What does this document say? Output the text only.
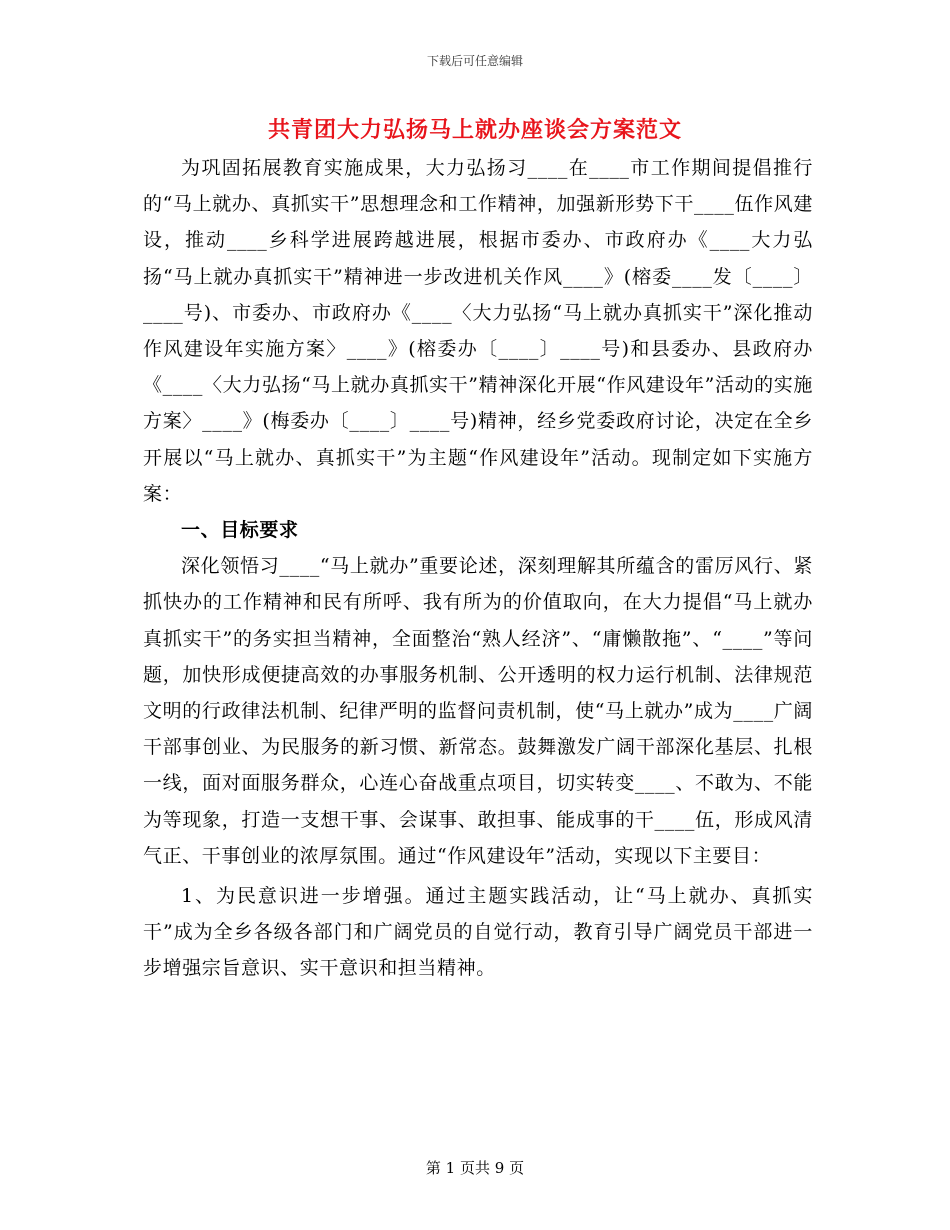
下载后可任意编辑
共青团大力弘扬马上就办座谈会方案范文

为巩固拓展教育实施成果，大力弘扬习____在____市工作期间提倡推行的“马上就办、真抓实干”思想理念和工作精神，加强新形势下干____伍作风建设，推动____乡科学进展跨越进展，根据市委办、市政府办《____大力弘扬“马上就办真抓实干”精神进一步改进机关作风____》(榕委____发〔____〕____号)、市委办、市政府办《____〈大力弘扬“马上就办真抓实干”深化推动作风建设年实施方案〉____》(榕委办〔____〕____号)和县委办、县政府办《____〈大力弘扬“马上就办真抓实干”精神深化开展“作风建设年”活动的实施方案〉____》(梅委办〔____〕____号)精神，经乡党委政府讨论，决定在全乡开展以“马上就办、真抓实干”为主题“作风建设年”活动。现制定如下实施方案：

一、目标要求

深化领悟习____“马上就办”重要论述，深刻理解其所蕴含的雷厉风行、紧抓快办的工作精神和民有所呼、我有所为的价值取向，在大力提倡“马上就办真抓实干”的务实担当精神，全面整治“熟人经济”、“庸懒散拖”、“____”等问题，加快形成便捷高效的办事服务机制、公开透明的权力运行机制、法律规范文明的行政律法机制、纪律严明的监督问责机制，使“马上就办”成为____广阔干部事创业、为民服务的新习惯、新常态。鼓舞激发广阔干部深化基层、扎根一线，面对面服务群众，心连心奋战重点项目，切实转变____、不敢为、不能为等现象，打造一支想干事、会谋事、敢担事、能成事的干____伍，形成风清气正、干事创业的浓厚氛围。通过“作风建设年”活动，实现以下主要目：

1、为民意识进一步增强。通过主题实践活动，让“马上就办、真抓实干”成为全乡各级各部门和广阔党员的自觉行动，教育引导广阔党员干部进一步增强宗旨意识、实干意识和担当精神。

第 1 页共 9 页
